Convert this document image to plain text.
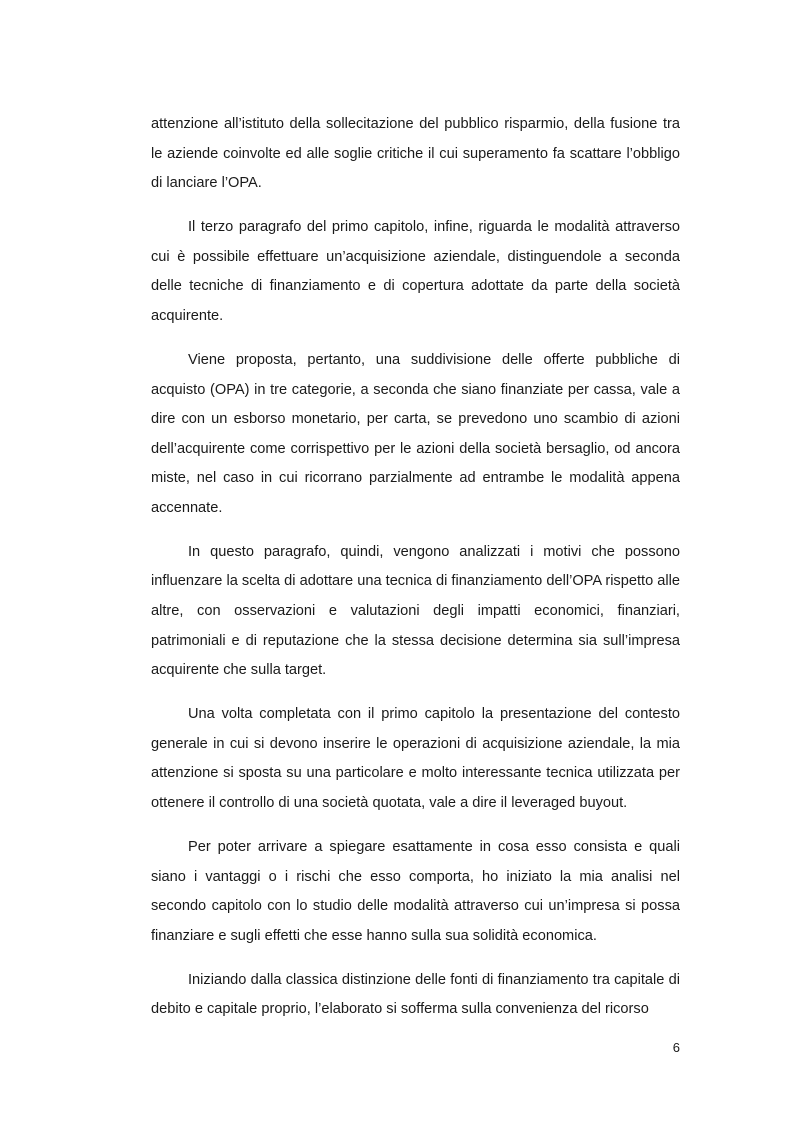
attenzione all’istituto della sollecitazione del pubblico risparmio, della fusione tra le aziende coinvolte ed alle soglie critiche il cui superamento fa scattare l’obbligo di lanciare l’OPA.

Il terzo paragrafo del primo capitolo, infine, riguarda le modalità attraverso cui è possibile effettuare un’acquisizione aziendale, distinguendole a seconda delle tecniche di finanziamento e di copertura adottate da parte della società acquirente.

Viene proposta, pertanto, una suddivisione delle offerte pubbliche di acquisto (OPA) in tre categorie, a seconda che siano finanziate per cassa, vale a dire con un esborso monetario, per carta, se prevedono uno scambio di azioni dell’acquirente come corrispettivo per le azioni della società bersaglio, od ancora miste, nel caso in cui ricorrano parzialmente ad entrambe le modalità appena accennate.

In questo paragrafo, quindi, vengono analizzati i motivi che possono influenzare la scelta di adottare una tecnica di finanziamento dell’OPA rispetto alle altre, con osservazioni e valutazioni degli impatti economici, finanziari, patrimoniali e di reputazione che la stessa decisione determina sia sull’impresa acquirente che sulla target.

Una volta completata con il primo capitolo la presentazione del contesto generale in cui si devono inserire le operazioni di acquisizione aziendale, la mia attenzione si sposta su una particolare e molto interessante tecnica utilizzata per ottenere il controllo di una società quotata, vale a dire il leveraged buyout.

Per poter arrivare a spiegare esattamente in cosa esso consista e quali siano i vantaggi o i rischi che esso comporta, ho iniziato la mia analisi nel secondo capitolo con lo studio delle modalità attraverso cui un’impresa si possa finanziare e sugli effetti che esse hanno sulla sua solidità economica.

Iniziando dalla classica distinzione delle fonti di finanziamento tra capitale di debito e capitale proprio, l’elaborato si sofferma sulla convenienza del ricorso

6
